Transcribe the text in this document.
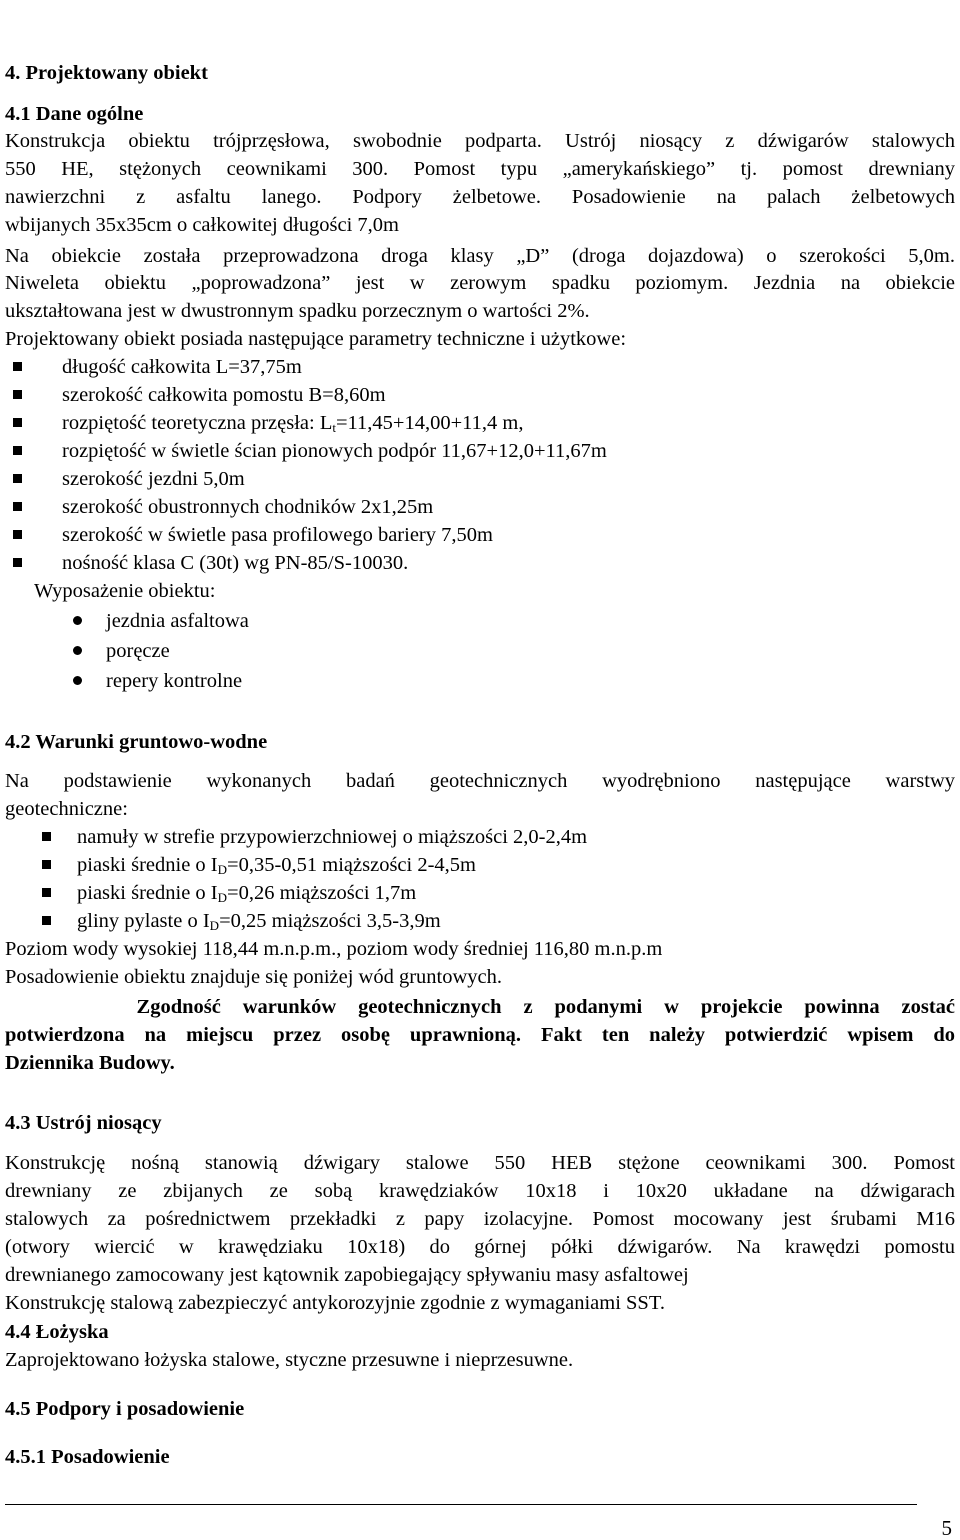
4. Projektowany obiekt
4.1 Dane ogólne
Konstrukcja obiektu trójprzęsłowa, swobodnie podparta. Ustrój niosący z dźwigarów stalowych
550 HE, stężonych ceownikami 300. Pomost typu „amerykańskiego” tj. pomost drewniany
nawierzchni z asfaltu lanego. Podpory żelbetowe. Posadowienie na palach żelbetowych
wbijanych 35x35cm o całkowitej długości 7,0m
Na obiekcie została przeprowadzona droga klasy „D” (droga dojazdowa) o szerokości 5,0m.
Niweleta obiektu „poprowadzona” jest w zerowym spadku poziomym. Jezdnia na obiekcie
ukształtowana jest w dwustronnym spadku porzecznym o wartości 2%.
Projektowany obiekt posiada następujące parametry techniczne i użytkowe:
długość całkowita L=37,75m
szerokość całkowita pomostu B=8,60m
rozpiętość teoretyczna przęsła: $L_t=11,45+14,00+11,4$ m,
rozpiętość w świetle ścian pionowych podpór 11,67+12,0+11,67m
szerokość jezdni 5,0m
szerokość obustronnych chodników 2x1,25m
szerokość w świetle pasa profilowego bariery 7,50m
nośność klasa C (30t) wg PN-85/S-10030.
Wyposażenie obiektu:
jezdnia asfaltowa
poręcze
repery kontrolne
4.2 Warunki gruntowo-wodne
Na podstawienie wykonanych badań geotechnicznych wyodrębniono następujące warstwy
geotechniczne:
namuły w strefie przypowierzchniowej o miąższości 2,0-2,4m
piaski średnie o $I_D=0,35-0,51$ miąższości 2-4,5m
piaski średnie o $I_D=0,26$ miąższości 1,7m
gliny pylaste o $I_D=0,25$ miąższości 3,5-3,9m
Poziom wody wysokiej 118,44 m.n.p.m., poziom wody średniej 116,80 m.n.p.m
Posadowienie obiektu znajduje się poniżej wód gruntowych.
Zgodność warunków geotechnicznych z podanymi w projekcie powinna zostać
potwierdzona na miejscu przez osobę uprawnioną. Fakt ten należy potwierdzić wpisem do
Dziennika Budowy.
4.3 Ustrój niosący
Konstrukcję nośną stanowią dźwigary stalowe 550 HEB stężone ceownikami 300. Pomost
drewniany ze zbijanych ze sobą krawędziaków 10x18 i 10x20 układane na dźwigarach
stalowych za pośrednictwem przekładki z papy izolacyjne. Pomost mocowany jest śrubami M16
(otwory wiercić w krawędziaku 10x18) do górnej półki dźwigarów. Na krawędzi pomostu
drewnianego zamocowany jest kątownik zapobiegający spływaniu masy asfaltowej
Konstrukcję stalową zabezpieczyć antykorozyjnie zgodnie z wymaganiami SST.
4.4 Łożyska
Zaprojektowano łożyska stalowe, styczne przesuwne i nieprzesuwne.
4.5 Podpory i posadowienie
4.5.1 Posadowienie
5
